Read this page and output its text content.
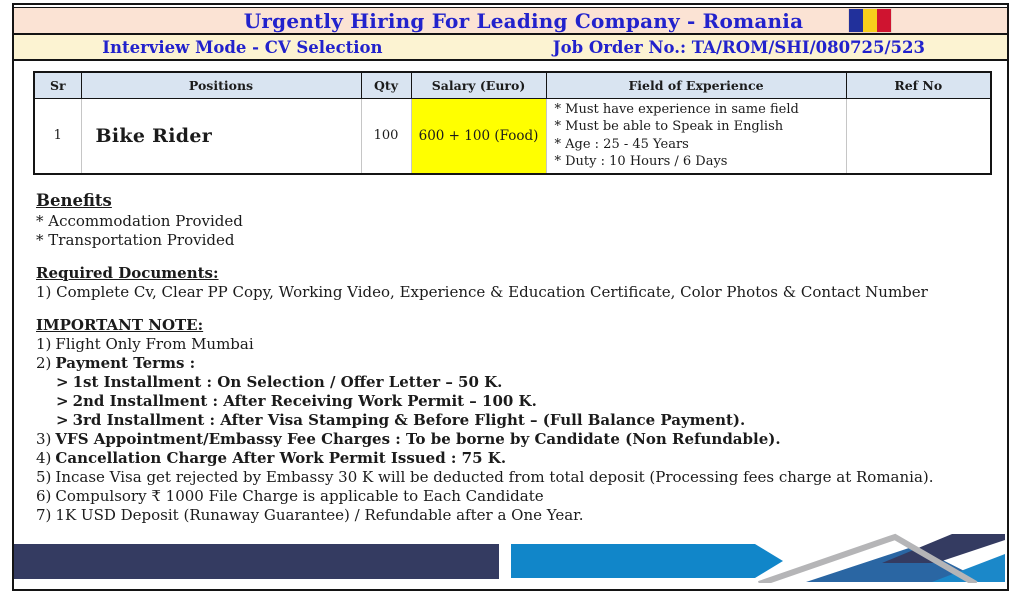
Urgently Hiring For Leading Company - Romania
Interview Mode - CV Selection	Job Order No.: TA/ROM/SHI/080725/523
Sr	Positions	Qty	Salary (Euro)	Field of Experience	Ref No
1	Bike Rider	100	600 + 100 (Food)	* Must have experience in same field
* Must be able to Speak in English
* Age : 25 - 45 Years
* Duty : 10 Hours / 6 Days	

Benefits
* Accommodation Provided
* Transportation Provided
Required Documents:
1) Complete Cv, Clear PP Copy, Working Video, Experience & Education Certificate, Color Photos & Contact Number
IMPORTANT NOTE:
1) Flight Only From Mumbai
2) Payment Terms :
> 1st Installment : On Selection / Offer Letter – 50 K.
> 2nd Installment : After Receiving Work Permit – 100 K.
> 3rd Installment : After Visa Stamping & Before Flight – (Full Balance Payment).
3) VFS Appointment/Embassy Fee Charges : To be borne by Candidate (Non Refundable).
4) Cancellation Charge After Work Permit Issued : 75 K.
5) Incase Visa get rejected by Embassy 30 K will be deducted from total deposit (Processing fees charge at Romania).
6) Compulsory ₹ 1000 File Charge is applicable to Each Candidate
7) 1K USD Deposit (Runaway Guarantee) / Refundable after a One Year.
